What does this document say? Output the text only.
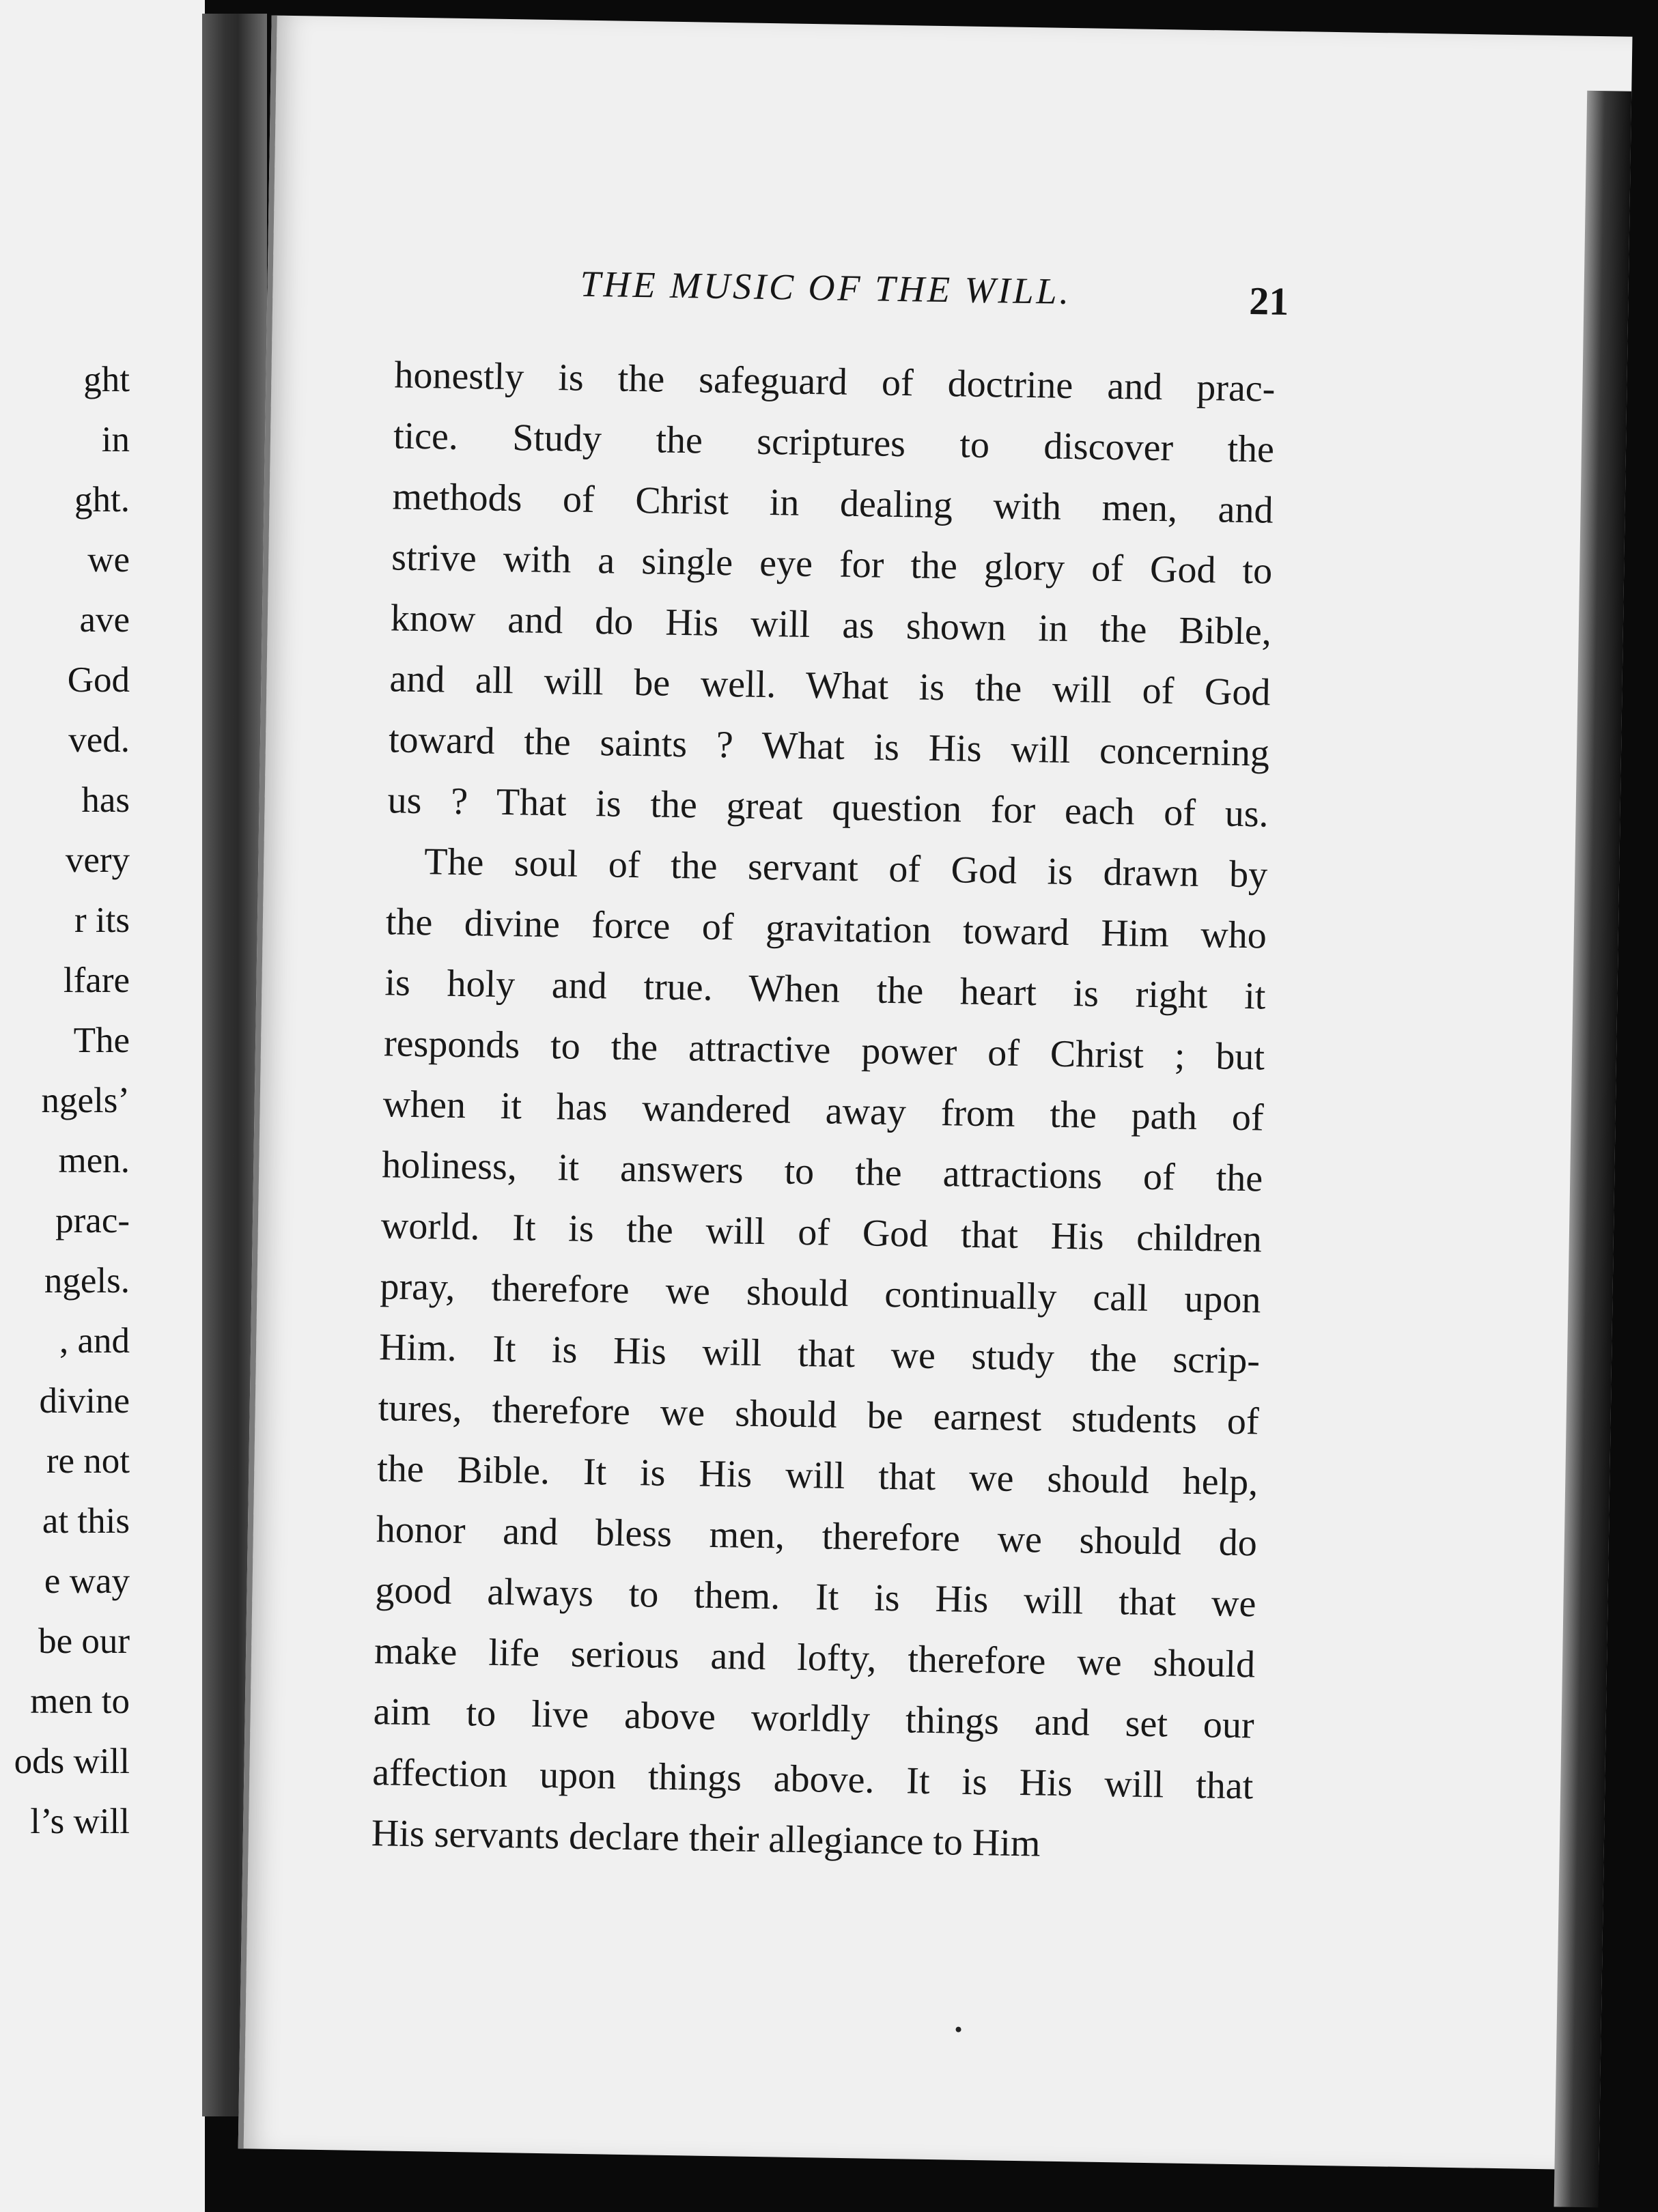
ght
in
ght.
we
ave
God
ved.
has
very
r its
lfare
The
ngels’
men.
prac-
ngels.
, and
divine
re not
at this
e way
be our
men to
ods will
l’s will
THE MUSIC OF THE WILL.	21
honestly is the safeguard of doctrine and prac-
tice. Study the scriptures to discover the
methods of Christ in dealing with men, and
strive with a single eye for the glory of God to
know and do His will as shown in the Bible,
and all will be well. What is the will of God
toward the saints ? What is His will concerning
us ? That is the great question for each of us.
The soul of the servant of God is drawn by
the divine force of gravitation toward Him who
is holy and true. When the heart is right it
responds to the attractive power of Christ ; but
when it has wandered away from the path of
holiness, it answers to the attractions of the
world. It is the will of God that His children
pray, therefore we should continually call upon
Him. It is His will that we study the scrip-
tures, therefore we should be earnest students of
the Bible. It is His will that we should help,
honor and bless men, therefore we should do
good always to them. It is His will that we
make life serious and lofty, therefore we should
aim to live above worldly things and set our
affection upon things above. It is His will that
His servants declare their allegiance to Him
